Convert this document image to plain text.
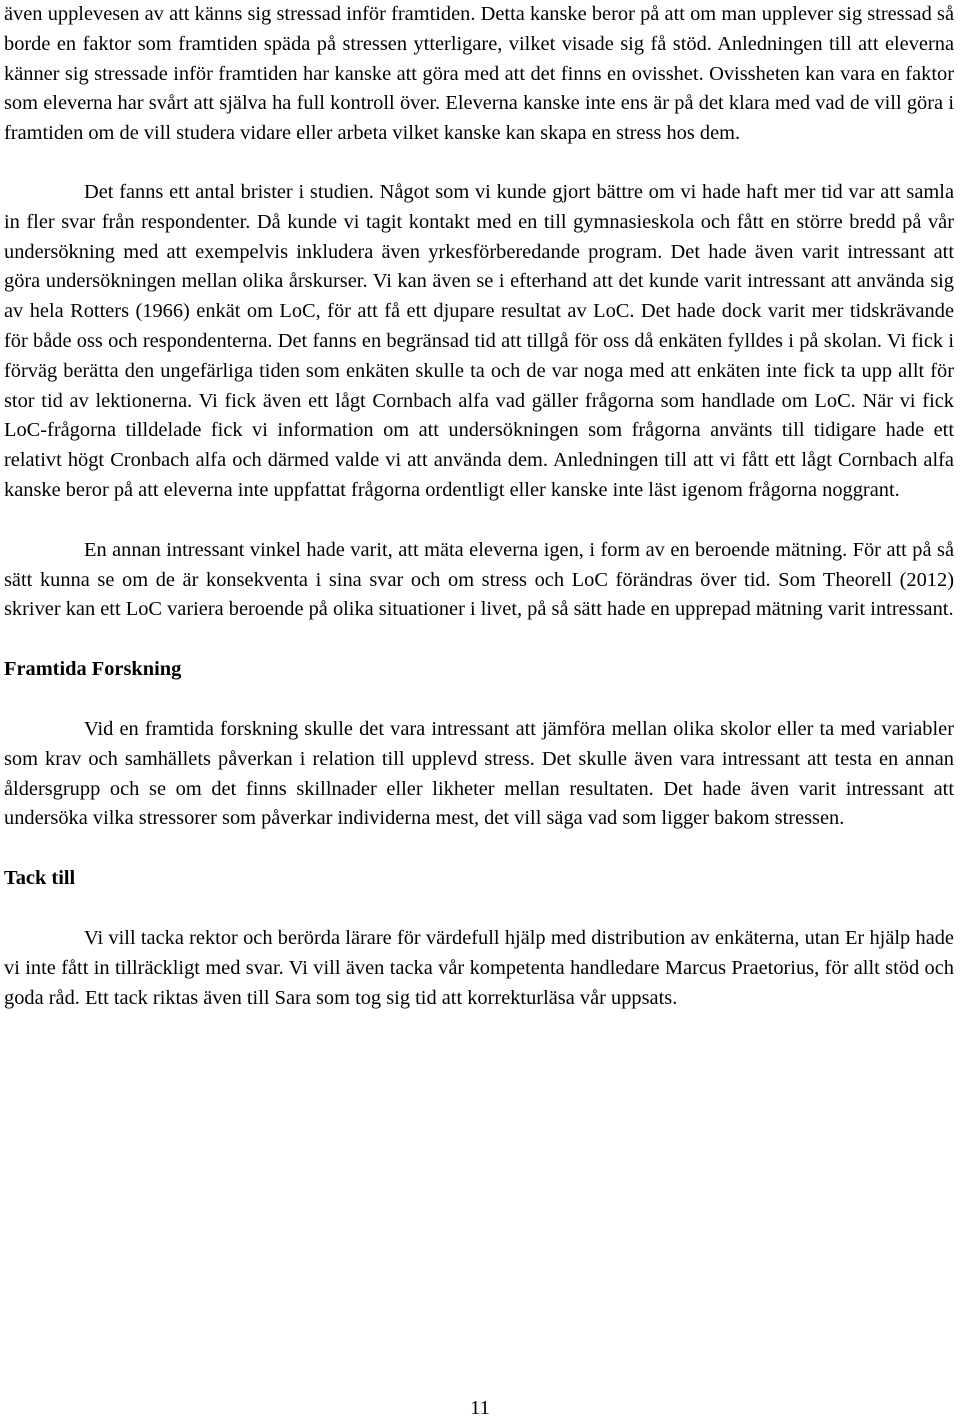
även upplevesen av att känns sig stressad inför framtiden. Detta kanske beror på att om man upplever sig stressad så borde en faktor som framtiden späda på stressen ytterligare, vilket visade sig få stöd. Anledningen till att eleverna känner sig stressade inför framtiden har kanske att göra med att det finns en ovisshet. Ovissheten kan vara en faktor som eleverna har svårt att själva ha full kontroll över. Eleverna kanske inte ens är på det klara med vad de vill göra i framtiden om de vill studera vidare eller arbeta vilket kanske kan skapa en stress hos dem.

Det fanns ett antal brister i studien. Något som vi kunde gjort bättre om vi hade haft mer tid var att samla in fler svar från respondenter. Då kunde vi tagit kontakt med en till gymnasieskola och fått en större bredd på vår undersökning med att exempelvis inkludera även yrkesförberedande program. Det hade även varit intressant att göra undersökningen mellan olika årskurser. Vi kan även se i efterhand att det kunde varit intressant att använda sig av hela Rotters (1966) enkät om LoC, för att få ett djupare resultat av LoC. Det hade dock varit mer tidskrävande för både oss och respondenterna. Det fanns en begränsad tid att tillgå för oss då enkäten fylldes i på skolan. Vi fick i förväg berätta den ungefärliga tiden som enkäten skulle ta och de var noga med att enkäten inte fick ta upp allt för stor tid av lektionerna. Vi fick även ett lågt Cornbach alfa vad gäller frågorna som handlade om LoC. När vi fick LoC-frågorna tilldelade fick vi information om att undersökningen som frågorna använts till tidigare hade ett relativt högt Cronbach alfa och därmed valde vi att använda dem. Anledningen till att vi fått ett lågt Cornbach alfa kanske beror på att eleverna inte uppfattat frågorna ordentligt eller kanske inte läst igenom frågorna noggrant.

En annan intressant vinkel hade varit, att mäta eleverna igen, i form av en beroende mätning. För att på så sätt kunna se om de är konsekventa i sina svar och om stress och LoC förändras över tid. Som Theorell (2012) skriver kan ett LoC variera beroende på olika situationer i livet, på så sätt hade en upprepad mätning varit intressant.

Framtida Forskning

Vid en framtida forskning skulle det vara intressant att jämföra mellan olika skolor eller ta med variabler som krav och samhällets påverkan i relation till upplevd stress. Det skulle även vara intressant att testa en annan åldersgrupp och se om det finns skillnader eller likheter mellan resultaten. Det hade även varit intressant att undersöka vilka stressorer som påverkar individerna mest, det vill säga vad som ligger bakom stressen.

Tack till

Vi vill tacka rektor och berörda lärare för värdefull hjälp med distribution av enkäterna, utan Er hjälp hade vi inte fått in tillräckligt med svar. Vi vill även tacka vår kompetenta handledare Marcus Praetorius, för allt stöd och goda råd. Ett tack riktas även till Sara som tog sig tid att korrekturläsa vår uppsats.

11
